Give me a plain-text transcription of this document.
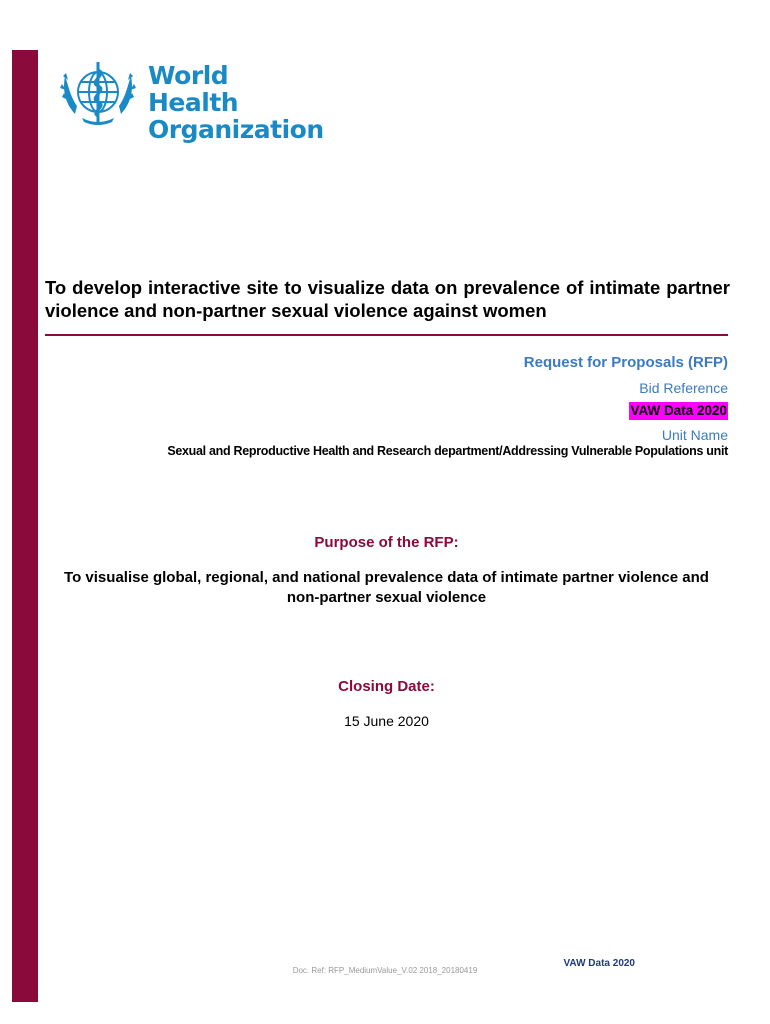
World Health
Organization
To develop interactive site to visualize data on prevalence of intimate partner violence and non-partner sexual violence against women
Request for Proposals (RFP)
Bid Reference
VAW Data 2020
Unit Name
Sexual and Reproductive Health and Research department/Addressing Vulnerable Populations unit
Purpose of the RFP:
To visualise global, regional, and national prevalence data of intimate partner violence and non-partner sexual violence
Closing Date:
15 June 2020
VAW Data 2020
Doc. Ref: RFP_MediumValue_V.02 2018_20180419
